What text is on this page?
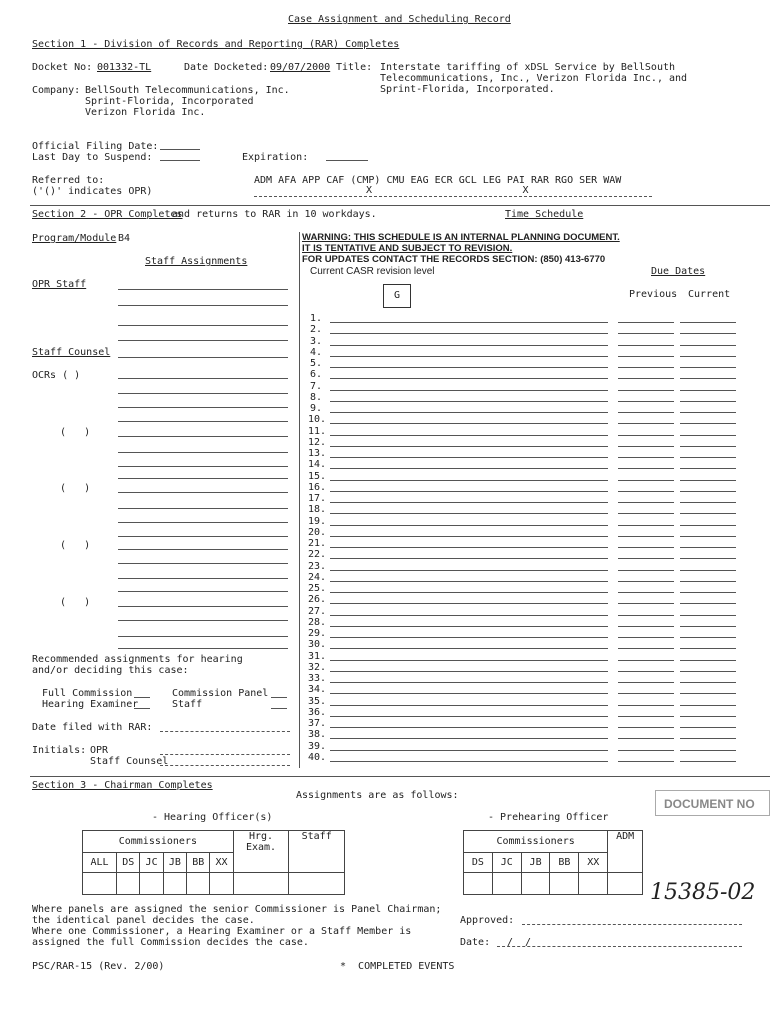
Case Assignment and Scheduling Record
Section 1 - Division of Records and Reporting (RAR) Completes
Docket No: 001332-TL	Date Docketed: 09/07/2000 Title: Interstate tariffing of xDSL Service by BellSouth
Telecommunications, Inc., Verizon Florida Inc., and
Sprint-Florida, Incorporated.
Company: BellSouth Telecommunications, Inc.
Sprint-Florida, Incorporated
Verizon Florida Inc.
Official Filing Date:
Last Day to Suspend:	Expiration:
Referred to:
('()' indicates OPR)
ADM AFA APP CAF (CMP) CMU EAG ECR GCL LEG PAI RAR RGO SER WAW
X                         X
Section 2 - OPR Completes
and returns to RAR in 10 workdays.	Time Schedule
Program/Module B4
Staff Assignments
WARNING: THIS SCHEDULE IS AN INTERNAL PLANNING DOCUMENT.
IT IS TENTATIVE AND SUBJECT TO REVISION.
FOR UPDATES CONTACT THE RECORDS SECTION: (850) 413-6770
Current CASR revision level
G
Due Dates
Previous Current
OPR Staff
Staff Counsel
OCRs ( )
(   )
(   )
(   )
(   )
1.
2.
3.
4.
5.
6.
7.
8.
9.
10.
11.
12.
13.
14.
15.
16.
17.
18.
19.
20.
21.
22.
23.
24.
25.
26.
27.
28.
29.
30.
31.
32.
33.
34.
35.
36.
37.
38.
39.
40.
Recommended assignments for hearing
and/or deciding this case:
Full Commission
Hearing Examiner
Commission Panel
Staff
Date filed with RAR:
Initials: OPR
Staff Counsel
Section 3 - Chairman Completes
Assignments are as follows:
- Hearing Officer(s)	- Prehearing Officer
Commissioners						Hrg.
Exam.	Staff
ALL	DS	JC	JB	BB	XX		

Commissioners					ADM
DS	JC	JB	BB	XX	

Where panels are assigned the senior Commissioner is Panel Chairman;
the identical panel decides the case.
Where one Commissioner, a Hearing Examiner or a Staff Member is
assigned the full Commission decides the case.
Approved:
Date: /  /
PSC/RAR-15 (Rev. 2/00)	*  COMPLETED EVENTS
DOCUMENT NO
15385-02
